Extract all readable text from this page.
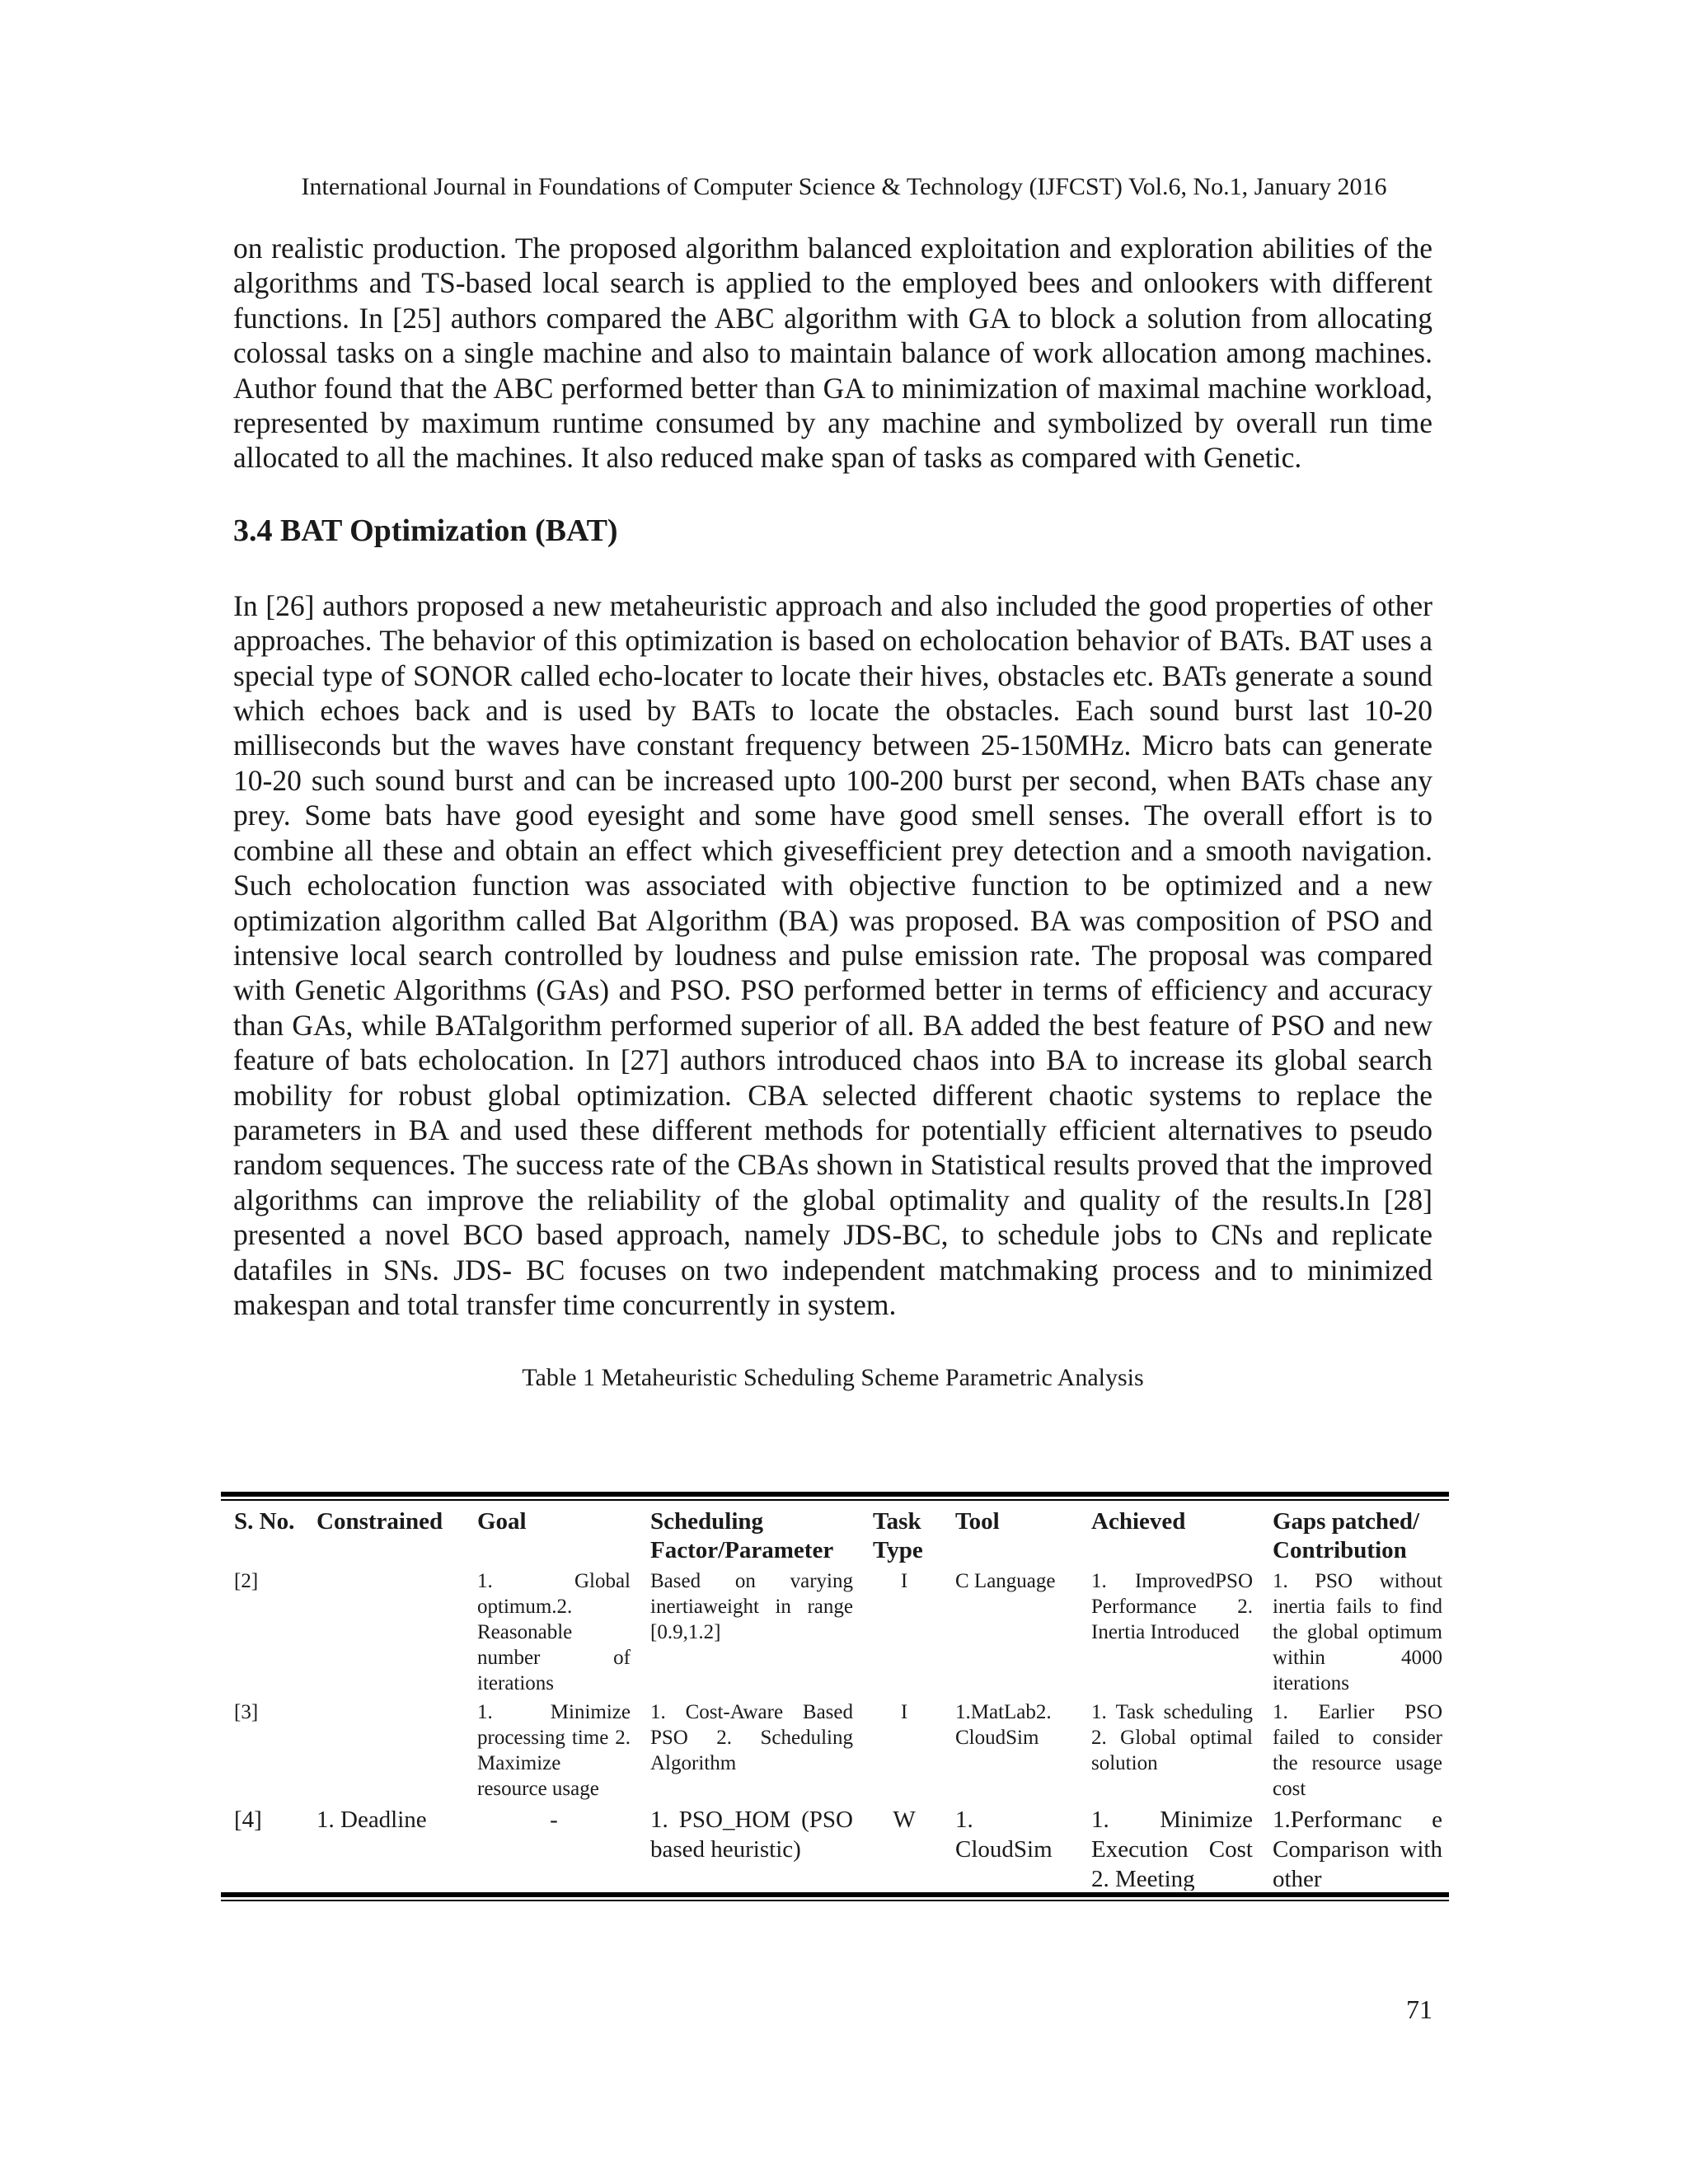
International Journal in Foundations of Computer Science & Technology (IJFCST) Vol.6, No.1, January 2016

on realistic production. The proposed algorithm balanced exploitation and exploration abilities of the algorithms and TS-based local search is applied to the employed bees and onlookers with different functions. In [25] authors compared the ABC algorithm with GA to block a solution from allocating colossal tasks on a single machine and also to maintain balance of work allocation among machines. Author found that the ABC performed better than GA to minimization of maximal machine workload, represented by maximum runtime consumed by any machine and symbolized by overall run time allocated to all the machines. It also reduced make span of tasks as compared with Genetic.

3.4 BAT Optimization (BAT)

In [26] authors proposed a new metaheuristic approach and also included the good properties of other approaches. The behavior of this optimization is based on echolocation behavior of BATs. BAT uses a special type of SONOR called echo-locater to locate their hives, obstacles etc. BATs generate a sound which echoes back and is used by BATs to locate the obstacles. Each sound burst last 10-20 milliseconds but the waves have constant frequency between 25-150MHz. Micro bats can generate 10-20 such sound burst and can be increased upto 100-200 burst per second, when BATs chase any prey. Some bats have good eyesight and some have good smell senses. The overall effort is to combine all these and obtain an effect which givesefficient prey detection and a smooth navigation. Such echolocation function was associated with objective function to be optimized and a new optimization algorithm called Bat Algorithm (BA) was proposed. BA was composition of PSO and intensive local search controlled by loudness and pulse emission rate. The proposal was compared with Genetic Algorithms (GAs) and PSO. PSO performed better in terms of efficiency and accuracy than GAs, while BATalgorithm performed superior of all. BA added the best feature of PSO and new feature of bats echolocation. In [27] authors introduced chaos into BA to increase its global search mobility for robust global optimization. CBA selected different chaotic systems to replace the parameters in BA and used these different methods for potentially efficient alternatives to pseudo random sequences. The success rate of the CBAs shown in Statistical results proved that the improved algorithms can improve the reliability of the global optimality and quality of the results.In [28] presented a novel BCO based approach, namely JDS-BC, to schedule jobs to CNs and replicate datafiles in SNs. JDS- BC focuses on two independent matchmaking process and to minimized makespan and total transfer time concurrently in system.

Table 1 Metaheuristic Scheduling Scheme Parametric Analysis
S. No.	Constrained	Goal	Scheduling Factor/Parameter	Task Type	Tool	Achieved	Gaps patched/ Contribution
[2]		1. Global optimum.2. Reasonable number of iterations	Based on varying inertiaweight in range [0.9,1.2]	I	C Language	1. ImprovedPSO Performance 2. Inertia Introduced	1. PSO without inertia fails to find the global optimum within 4000 iterations
[3]		1. Minimize processing time 2. Maximize resource usage	1. Cost-Aware Based PSO 2. Scheduling Algorithm	I	1.MatLab2. CloudSim	1. Task scheduling 2. Global optimal solution	1. Earlier PSO failed to consider the resource usage cost

[4]	1. Deadline	-	1. PSO_HOM (PSO based heuristic)	W	1. CloudSim	1. Minimize Execution Cost 2. Meeting	1.Performanc e Comparison with other
71
